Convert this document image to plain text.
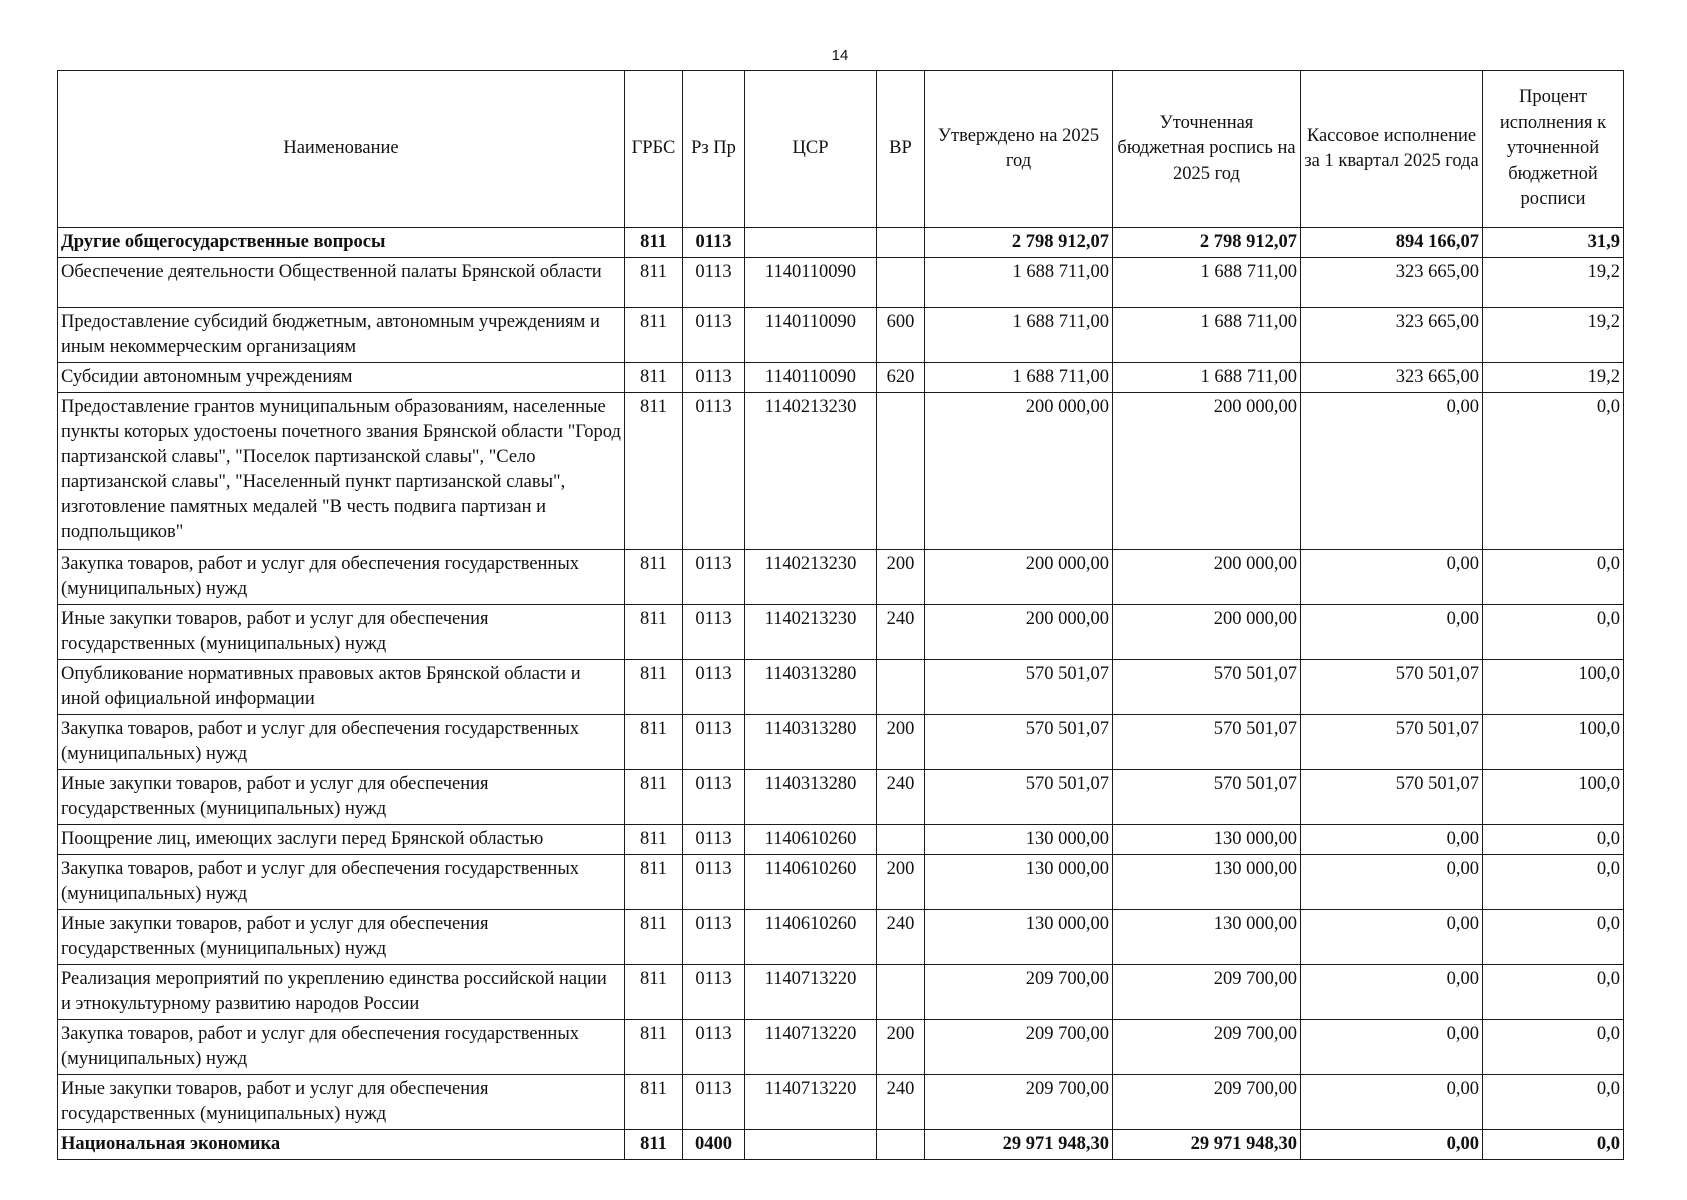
14
Наименование	ГРБС	Рз Пр	ЦСР	ВР	Утверждено на 2025 год	Уточненная бюджетная роспись на 2025 год	Кассовое исполнение за 1 квартал 2025 года	Процент исполнения к уточненной бюджетной росписи
Другие общегосударственные вопросы	811	0113			2 798 912,07	2 798 912,07	894 166,07	31,9
Обеспечение деятельности Общественной палаты Брянской области	811	0113	1140110090		1 688 711,00	1 688 711,00	323 665,00	19,2
Предоставление субсидий бюджетным, автономным учреждениям и иным некоммерческим организациям	811	0113	1140110090	600	1 688 711,00	1 688 711,00	323 665,00	19,2
Субсидии автономным учреждениям	811	0113	1140110090	620	1 688 711,00	1 688 711,00	323 665,00	19,2
Предоставление грантов муниципальным образованиям, населенные пункты которых удостоены почетного звания Брянской области "Город партизанской славы", "Поселок партизанской славы", "Село партизанской славы", "Населенный пункт партизанской славы", изготовление памятных медалей "В честь подвига партизан и подпольщиков"	811	0113	1140213230		200 000,00	200 000,00	0,00	0,0
Закупка товаров, работ и услуг для обеспечения государственных (муниципальных) нужд	811	0113	1140213230	200	200 000,00	200 000,00	0,00	0,0
Иные закупки товаров, работ и услуг для обеспечения государственных (муниципальных) нужд	811	0113	1140213230	240	200 000,00	200 000,00	0,00	0,0
Опубликование нормативных правовых актов Брянской области и иной официальной информации	811	0113	1140313280		570 501,07	570 501,07	570 501,07	100,0
Закупка товаров, работ и услуг для обеспечения государственных (муниципальных) нужд	811	0113	1140313280	200	570 501,07	570 501,07	570 501,07	100,0
Иные закупки товаров, работ и услуг для обеспечения государственных (муниципальных) нужд	811	0113	1140313280	240	570 501,07	570 501,07	570 501,07	100,0
Поощрение лиц, имеющих заслуги перед Брянской областью	811	0113	1140610260		130 000,00	130 000,00	0,00	0,0
Закупка товаров, работ и услуг для обеспечения государственных (муниципальных) нужд	811	0113	1140610260	200	130 000,00	130 000,00	0,00	0,0
Иные закупки товаров, работ и услуг для обеспечения государственных (муниципальных) нужд	811	0113	1140610260	240	130 000,00	130 000,00	0,00	0,0
Реализация мероприятий по укреплению единства российской нации и этнокультурному развитию народов России	811	0113	1140713220		209 700,00	209 700,00	0,00	0,0
Закупка товаров, работ и услуг для обеспечения государственных (муниципальных) нужд	811	0113	1140713220	200	209 700,00	209 700,00	0,00	0,0
Иные закупки товаров, работ и услуг для обеспечения государственных (муниципальных) нужд	811	0113	1140713220	240	209 700,00	209 700,00	0,00	0,0
Национальная экономика	811	0400			29 971 948,30	29 971 948,30	0,00	0,0
